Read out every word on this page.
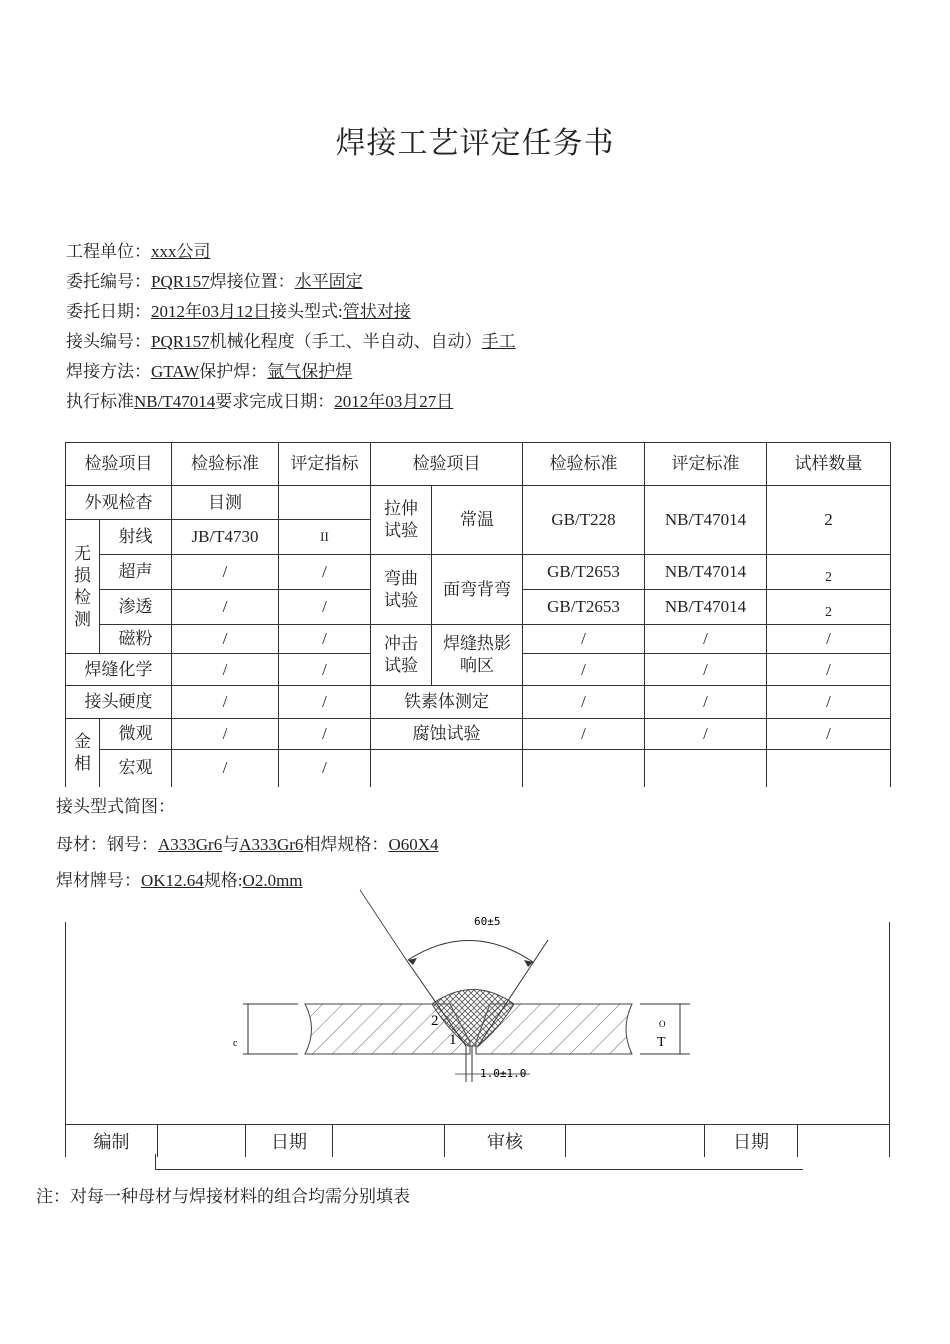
焊接工艺评定任务书
工程单位：xxx公司
委托编号：PQR157焊接位置：水平固定
委托日期：2012年03月12日接头型式:管状对接
接头编号：PQR157机械化程度（手工、半自动、自动）手工
焊接方法：GTAW保护焊：氩气保护焊
执行标准NB/T47014要求完成日期：2012年03月27日
检验项目		检验标准	评定指标	检验项目		检验标准	评定标准	试样数量
外观检杳		目测		拉伸试验	常温	GB/T228	NB/T47014	2
无损检测	射线	JB/T4730	II					
	超声	/	/	弯曲试验	面弯背弯	GB/T2653	NB/T47014	2
	渗透	/	/			GB/T2653	NB/T47014	2
	磁粉	/	/	冲击试验	焊缝热影响区	/	/	/
焊缝化学		/	/			/	/	/
接头硬度		/	/	铁素体测定		/	/	/
金相	微观	/	/	腐蚀试验		/	/	/
	宏观	/	/					
接头型式简图：
母材：钢号：A333Gr6与A333Gr6相焊规格：O60X4
焊材牌号：OK12.64规格:O2.0mm
60±5
1.0±1.0
2
1
c
O
T
编制		日期		审核		日期	
注：对每一种母材与焊接材料的组合均需分别填表
